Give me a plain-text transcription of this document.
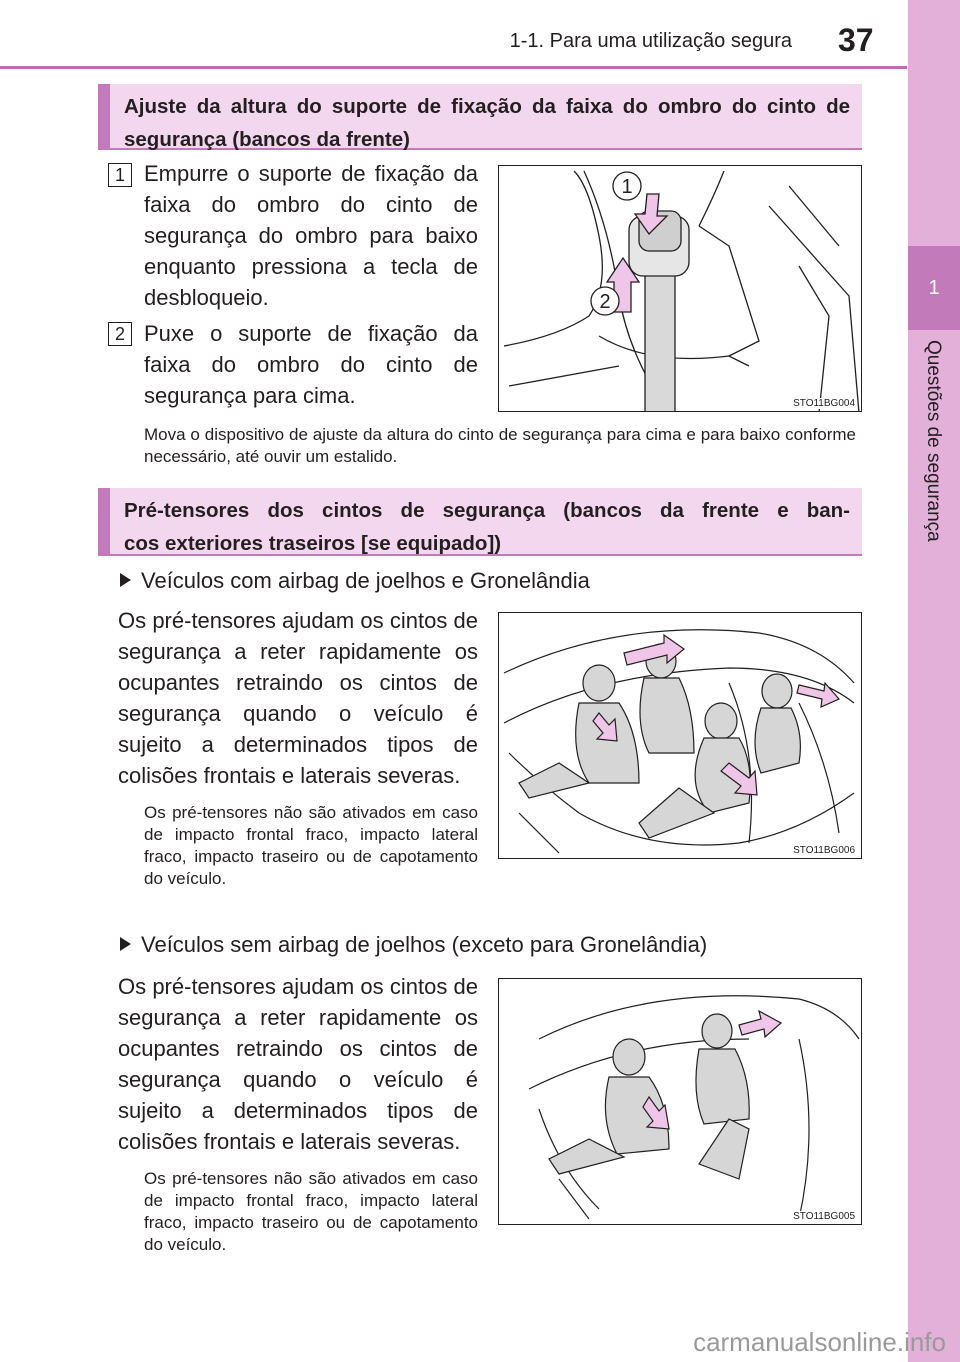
1-1. Para uma utilização segura 37
1
Questões de segurança
Ajuste da altura do suporte de fixação da faixa do ombro do cinto de segurança (bancos da frente)
1 Empurre o suporte de fixação da faixa do ombro do cinto de segurança do ombro para baixo enquanto pressiona a tecla de desbloqueio.
2 Puxe o suporte de fixação da faixa do ombro do cinto de segurança para cima.
1
2
STO11BG004
Mova o dispositivo de ajuste da altura do cinto de segurança para cima e para baixo conforme necessário, até ouvir um estalido.
Pré-tensores dos cintos de segurança (bancos da frente e ban-
cos exteriores traseiros [se equipado])
Veículos com airbag de joelhos e Gronelândia
Os pré-tensores ajudam os cintos de segurança a reter rapidamente os ocupantes retraindo os cintos de segurança quando o veículo é sujeito a determinados tipos de colisões frontais e laterais severas.
Os pré-tensores não são ativados em caso de impacto frontal fraco, impacto lateral fraco, impacto traseiro ou de capotamento do veículo.
STO11BG006
Veículos sem airbag de joelhos (exceto para Gronelândia)
Os pré-tensores ajudam os cintos de segurança a reter rapidamente os ocupantes retraindo os cintos de segurança quando o veículo é sujeito a determinados tipos de colisões frontais e laterais severas.
Os pré-tensores não são ativados em caso de impacto frontal fraco, impacto lateral fraco, impacto traseiro ou de capotamento do veículo.
STO11BG005
carmanualsonline.info
